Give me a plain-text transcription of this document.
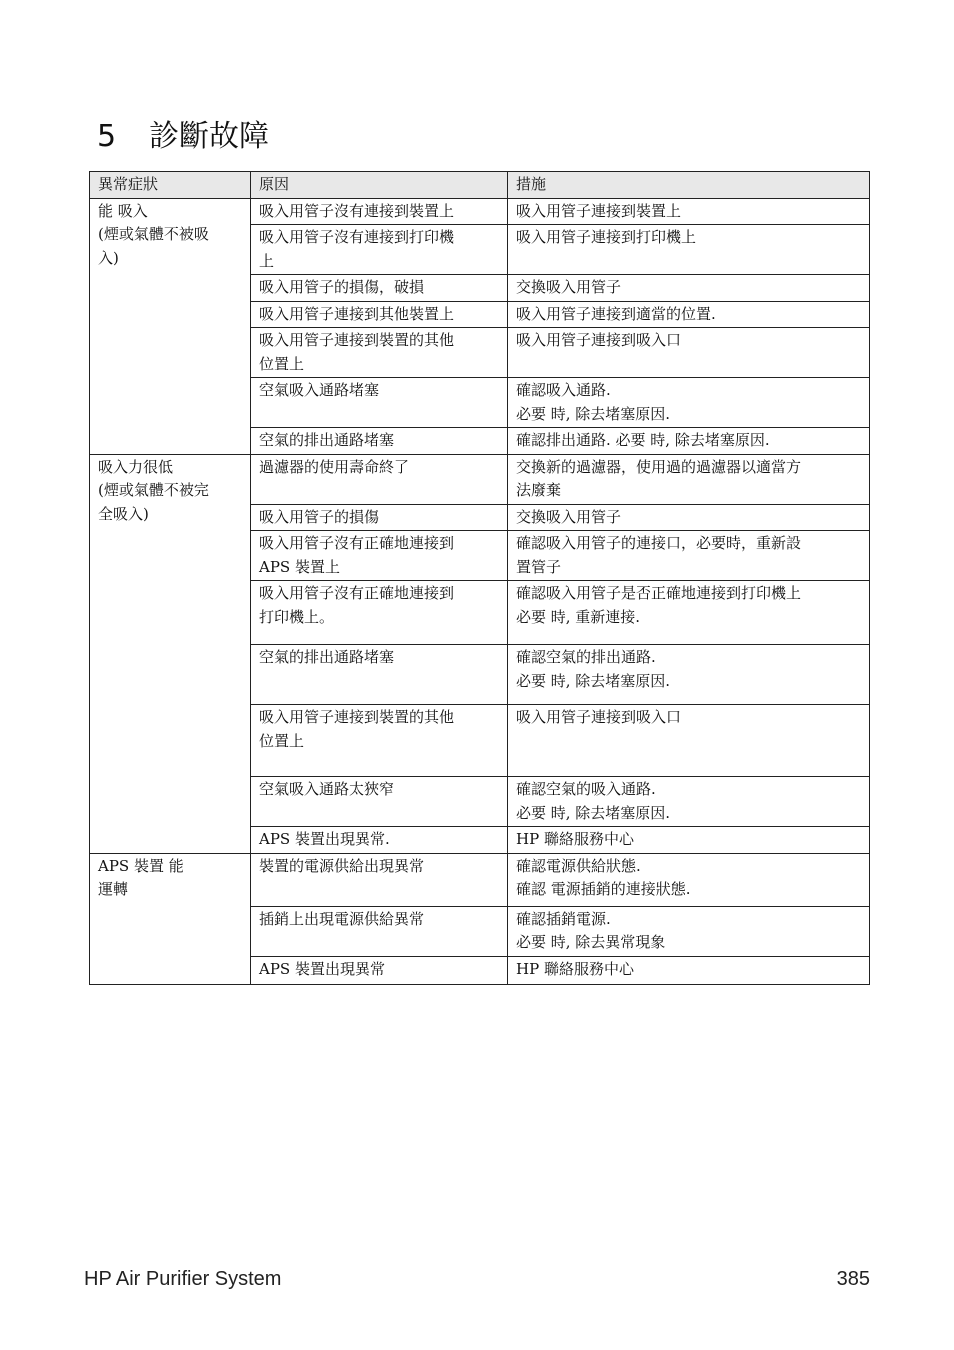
5 診斷故障
異常症狀	原因	措施

能 吸入
(煙或氣體不被吸
入)	吸入用管子沒有連接到裝置上	吸入用管子連接到裝置上

	吸入用管子沒有連接到打印機
上	吸入用管子連接到打印機上

	吸入用管子的損傷，破損	交換吸入用管子

	吸入用管子連接到其他裝置上	吸入用管子連接到適當的位置.

	吸入用管子連接到裝置的其他
位置上	吸入用管子連接到吸入口

	空氣吸入通路堵塞	確認吸入通路.
必要 時, 除去堵塞原因.

	空氣的排出通路堵塞	確認排出通路. 必要 時, 除去堵塞原因.

吸入力很低
(煙或氣體不被完
全吸入)	過濾器的使用壽命終了	交換新的過濾器，使用過的過濾器以適當方
法廢棄

	吸入用管子的損傷	交換吸入用管子

	吸入用管子沒有正確地連接到
APS 裝置上	確認吸入用管子的連接口，必要時，重新設
置管子

	吸入用管子沒有正確地連接到
打印機上。	確認吸入用管子是否正確地連接到打印機上
必要 時, 重新連接.

	空氣的排出通路堵塞	確認空氣的排出通路.
必要 時, 除去堵塞原因.

	吸入用管子連接到裝置的其他
位置上	吸入用管子連接到吸入口

	空氣吸入通路太狹窄	確認空氣的吸入通路.
必要 時, 除去堵塞原因.

	APS 裝置出現異常.	HP 聯絡服務中心

APS 裝置 能
運轉	裝置的電源供給出現異常	確認電源供給狀態.
確認 電源插銷的連接狀態.

	插銷上出現電源供給異常	確認插銷電源.
必要 時, 除去異常現象

	APS 裝置出現異常	HP 聯絡服務中心
HP Air Purifier System	385
